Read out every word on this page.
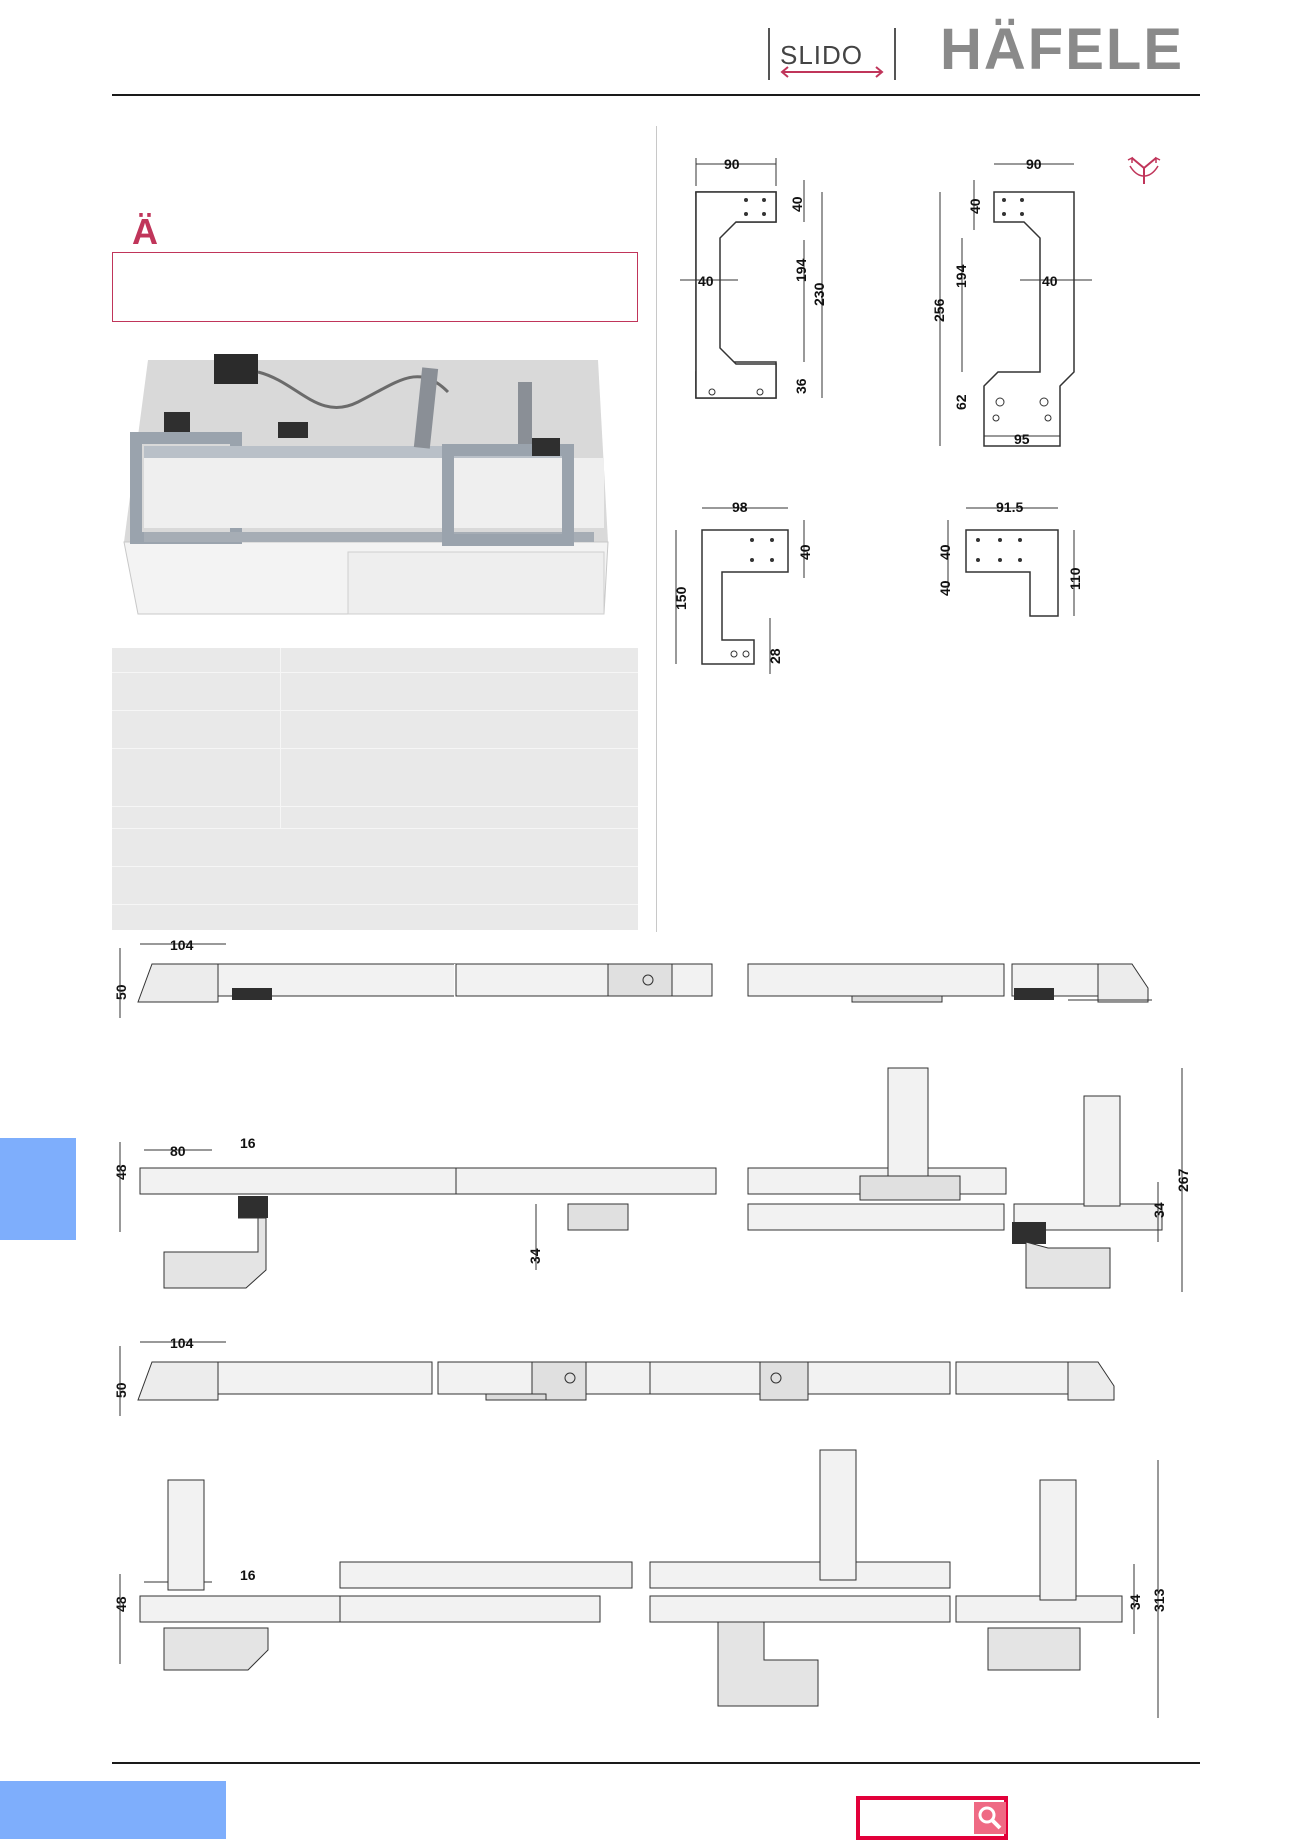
SLIDO HÄFELE
Ä
90
40
40	194
230
36
90
40
194
256
40
62
95
98
40
150
28
91.5
40
40	110
50
104
48
80	16
267
34
34
50
104
48
16
313
34
